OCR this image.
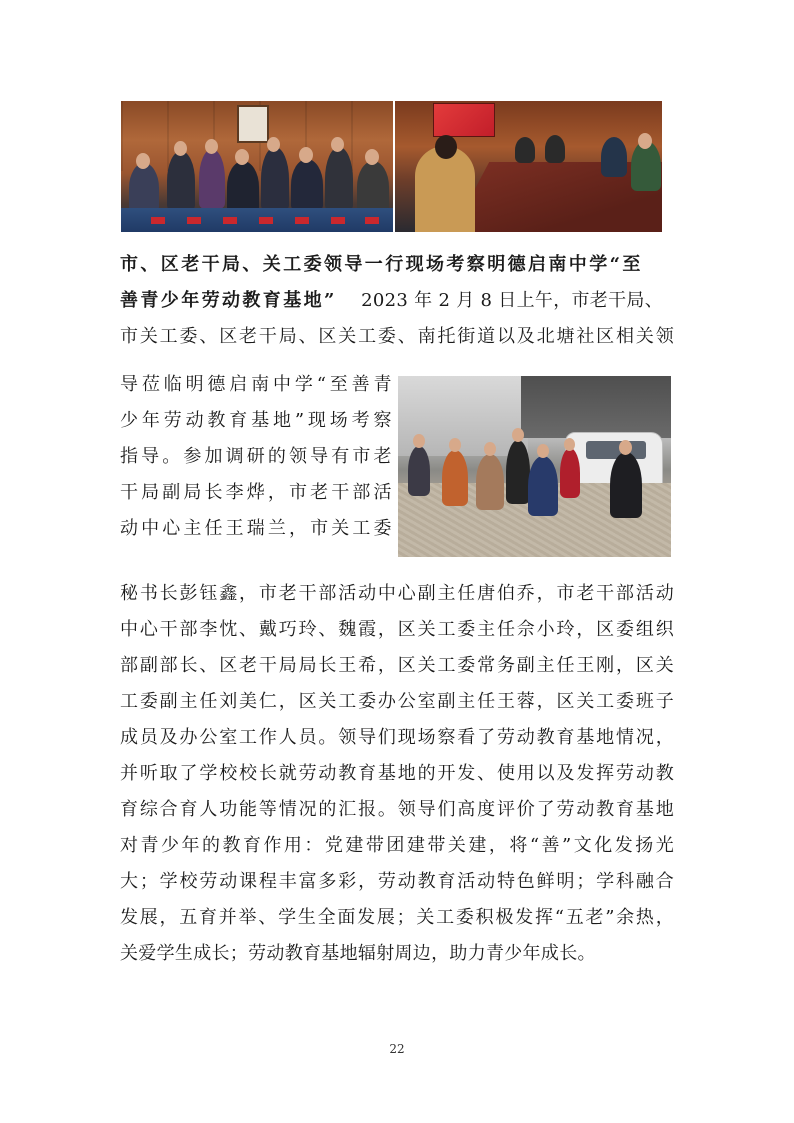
市、区老干局、关工委领导一行现场考察明德启南中学“至
善青少年劳动教育基地”　 2023 年 2 月 8 日上午，市老干局、
市关工委、区老干局、区关工委、南托街道以及北塘社区相关领
导莅临明德启南中学“至善青
少年劳动教育基地”现场考察
指导。参加调研的领导有市老
干局副局长李烨，市老干部活
动中心主任王瑞兰，市关工委
秘书长彭钰鑫，市老干部活动中心副主任唐伯乔，市老干部活动
中心干部李忱、戴巧玲、魏霞，区关工委主任佘小玲，区委组织
部副部长、区老干局局长王希，区关工委常务副主任王刚，区关
工委副主任刘美仁，区关工委办公室副主任王蓉，区关工委班子
成员及办公室工作人员。领导们现场察看了劳动教育基地情况，
并听取了学校校长就劳动教育基地的开发、使用以及发挥劳动教
育综合育人功能等情况的汇报。领导们高度评价了劳动教育基地
对青少年的教育作用：党建带团建带关建，将“善”文化发扬光
大；学校劳动课程丰富多彩，劳动教育活动特色鲜明；学科融合
发展，五育并举、学生全面发展；关工委积极发挥“五老”余热，
关爱学生成长；劳动教育基地辐射周边，助力青少年成长。
22
